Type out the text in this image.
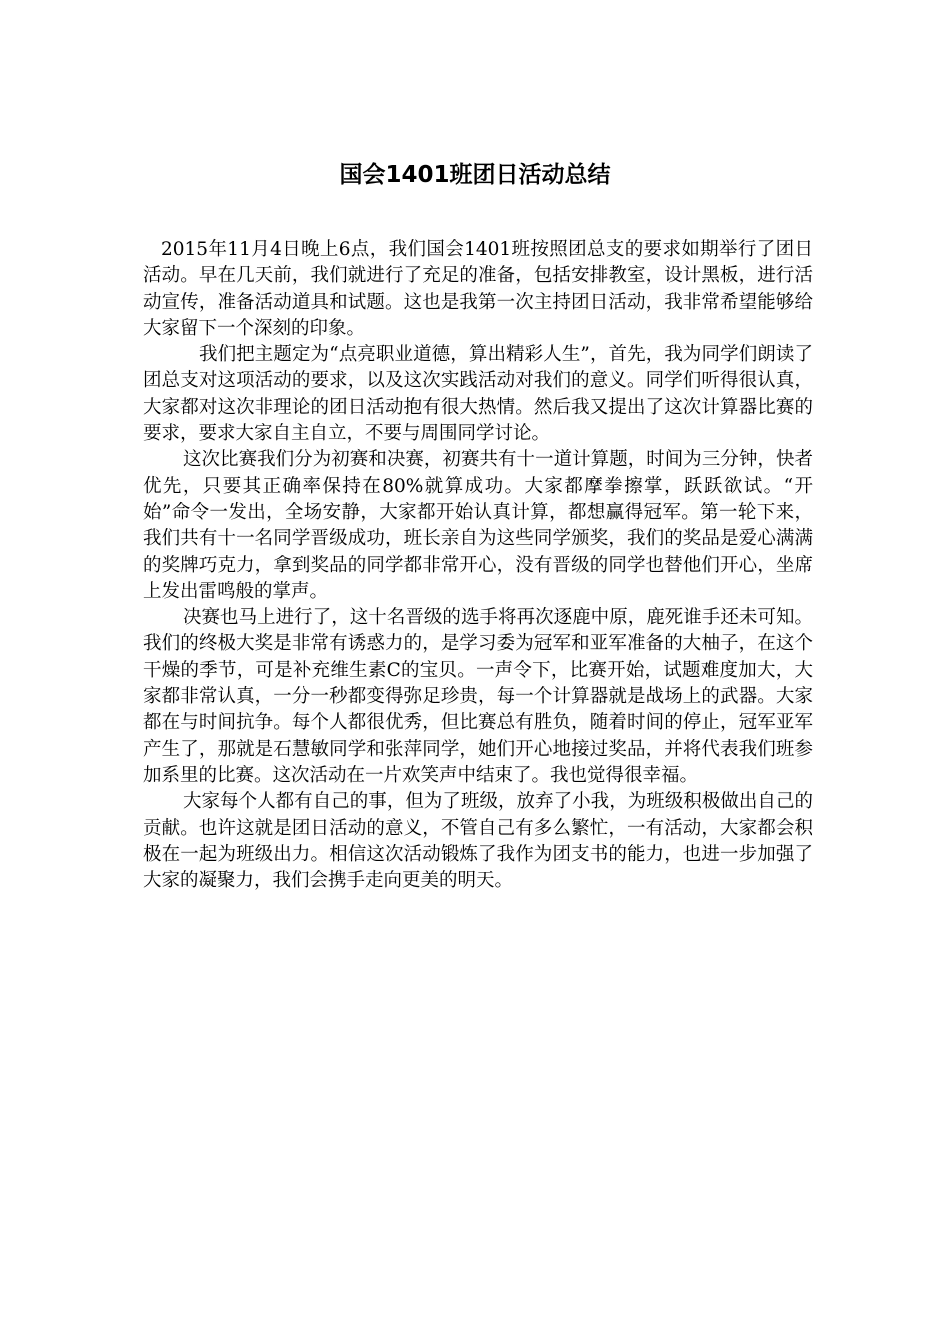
国会1401班团日活动总结

2015年11月4日晚上6点，我们国会1401班按照团总支的要求如期举行了团日活动。早在几天前，我们就进行了充足的准备，包括安排教室，设计黑板，进行活动宣传，准备活动道具和试题。这也是我第一次主持团日活动，我非常希望能够给大家留下一个深刻的印象。

我们把主题定为“点亮职业道德，算出精彩人生”，首先，我为同学们朗读了团总支对这项活动的要求，以及这次实践活动对我们的意义。同学们听得很认真，大家都对这次非理论的团日活动抱有很大热情。然后我又提出了这次计算器比赛的要求，要求大家自主自立，不要与周围同学讨论。

这次比赛我们分为初赛和决赛，初赛共有十一道计算题，时间为三分钟，快者优先，只要其正确率保持在80%就算成功。大家都摩拳擦掌，跃跃欲试。“开始”命令一发出，全场安静，大家都开始认真计算，都想赢得冠军。第一轮下来，我们共有十一名同学晋级成功，班长亲自为这些同学颁奖，我们的奖品是爱心满满的奖牌巧克力，拿到奖品的同学都非常开心，没有晋级的同学也替他们开心，坐席上发出雷鸣般的掌声。

决赛也马上进行了，这十名晋级的选手将再次逐鹿中原，鹿死谁手还未可知。我们的终极大奖是非常有诱惑力的，是学习委为冠军和亚军准备的大柚子，在这个干燥的季节，可是补充维生素C的宝贝。一声令下，比赛开始，试题难度加大，大家都非常认真，一分一秒都变得弥足珍贵，每一个计算器就是战场上的武器。大家都在与时间抗争。每个人都很优秀，但比赛总有胜负，随着时间的停止，冠军亚军产生了，那就是石慧敏同学和张萍同学，她们开心地接过奖品，并将代表我们班参加系里的比赛。这次活动在一片欢笑声中结束了。我也觉得很幸福。

大家每个人都有自己的事，但为了班级，放弃了小我，为班级积极做出自己的贡献。也许这就是团日活动的意义，不管自己有多么繁忙，一有活动，大家都会积极在一起为班级出力。相信这次活动锻炼了我作为团支书的能力，也进一步加强了大家的凝聚力，我们会携手走向更美的明天。
